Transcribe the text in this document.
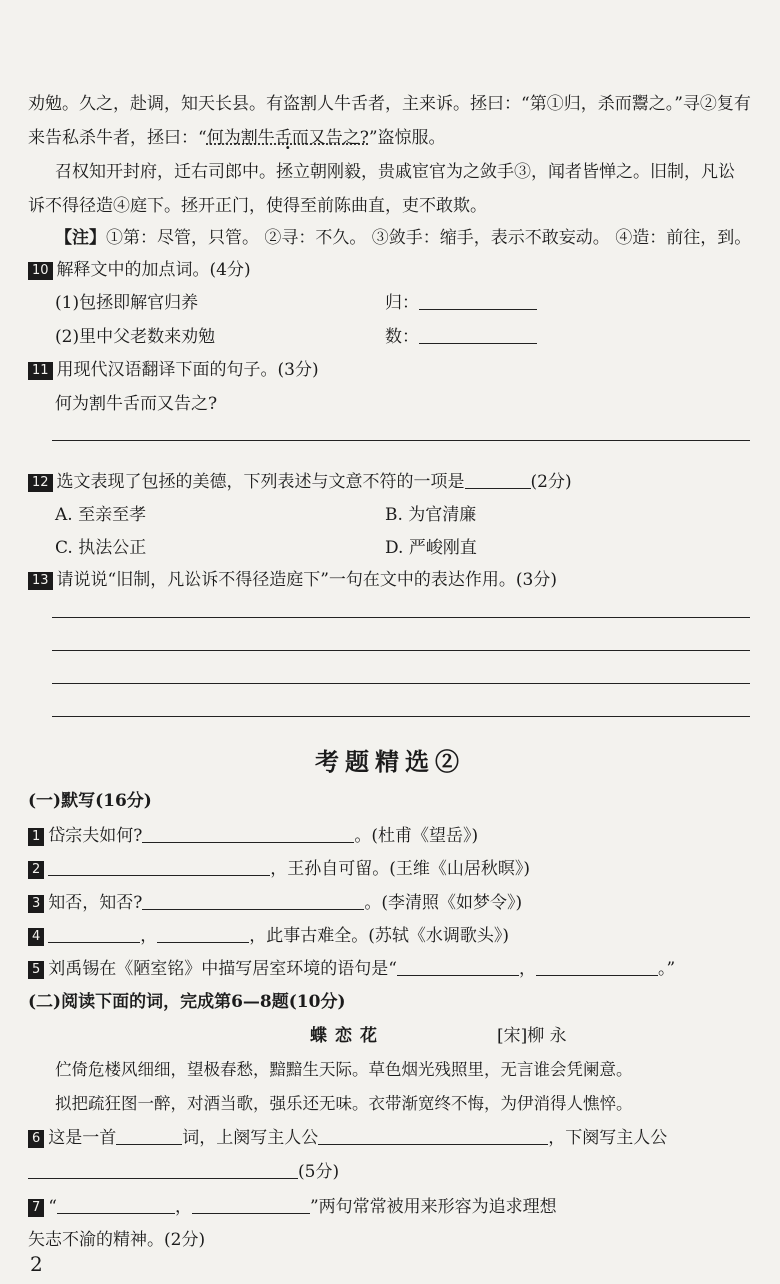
劝勉。久之，赴调，知天长县。有盗割人牛舌者，主来诉。拯曰：“第①归，杀而鬻之。”寻②复有
来告私杀牛者，拯曰：“何为割牛舌而又告之? ·”盗惊服。
召权知开封府，迁右司郎中。拯立朝刚毅，贵戚宦官为之敛手③，闻者皆惮之。旧制，凡讼
诉不得径造④庭下。拯开正门，使得至前陈曲直，吏不敢欺。
【注】①第：尽管，只管。 ②寻：不久。 ③敛手：缩手，表示不敢妄动。 ④造：前往，到。
10 解释文中的加点词。(4分)
(1)包拯即解官归养	归：
(2)里中父老数来劝勉	数：
11 用现代汉语翻译下面的句子。(3分)
何为割牛舌而又告之?
12 选文表现了包拯的美德，下列表述与文意不符的一项是	(2分)
A. 至亲至孝	B. 为官清廉
C. 执法公正	D. 严峻刚直
13 请说说“旧制，凡讼诉不得径造庭下”一句在文中的表达作用。(3分)
考题精选②
(一)默写(16分)
1 岱宗夫如何?	。(杜甫《望岳》)
2	，王孙自可留。(王维《山居秋暝》)
3 知否，知否?	。(李清照《如梦令》)
4	，	，此事古难全。(苏轼《水调歌头》)
5 刘禹锡在《陋室铭》中描写居室环境的语句是“	，	。”
(二)阅读下面的词，完成第6—8题(10分)
蝶恋花	[宋]柳 永
伫倚危楼风细细，望极春愁，黯黯生天际。草色烟光残照里，无言谁会凭阑意。
拟把疏狂图一醉，对酒当歌，强乐还无味。衣带渐宽终不悔，为伊消得人憔悴。
6 这是一首	词，上阕写主人公	，下阕写主人公
(5分)
7 “	，	”两句常常被用来形容为追求理想
矢志不渝的精神。(2分)
2
